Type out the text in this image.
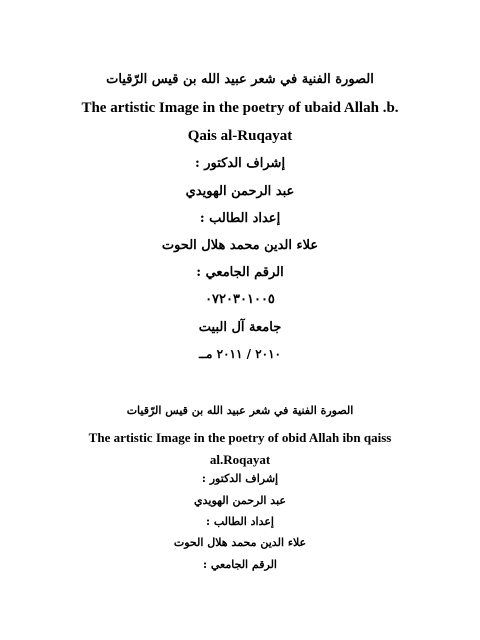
الصورة الفنية في شعر عبيد الله بن قيس الرّقيات
The artistic Image in the poetry of ubaid Allah .b.
Qais al-Ruqayat
إشراف الدكتور :
عبد الرحمن الهويدي
إعداد الطالب :
علاء الدين محمد هلال الحوت
الرقم الجامعي :
٠٧٢٠٣٠١٠٠٥
جامعة آل البيت
٢٠١٠ / ٢٠١١ مــ
الصورة الفنية في شعر عبيد الله بن قيس الرّقيات
The artistic Image in the poetry of obid Allah ibn qaiss
al.Roqayat
إشراف الدكتور :
عبد الرحمن الهويدي
إعداد الطالب :
علاء الدين محمد هلال الحوت
الرقم الجامعي :
